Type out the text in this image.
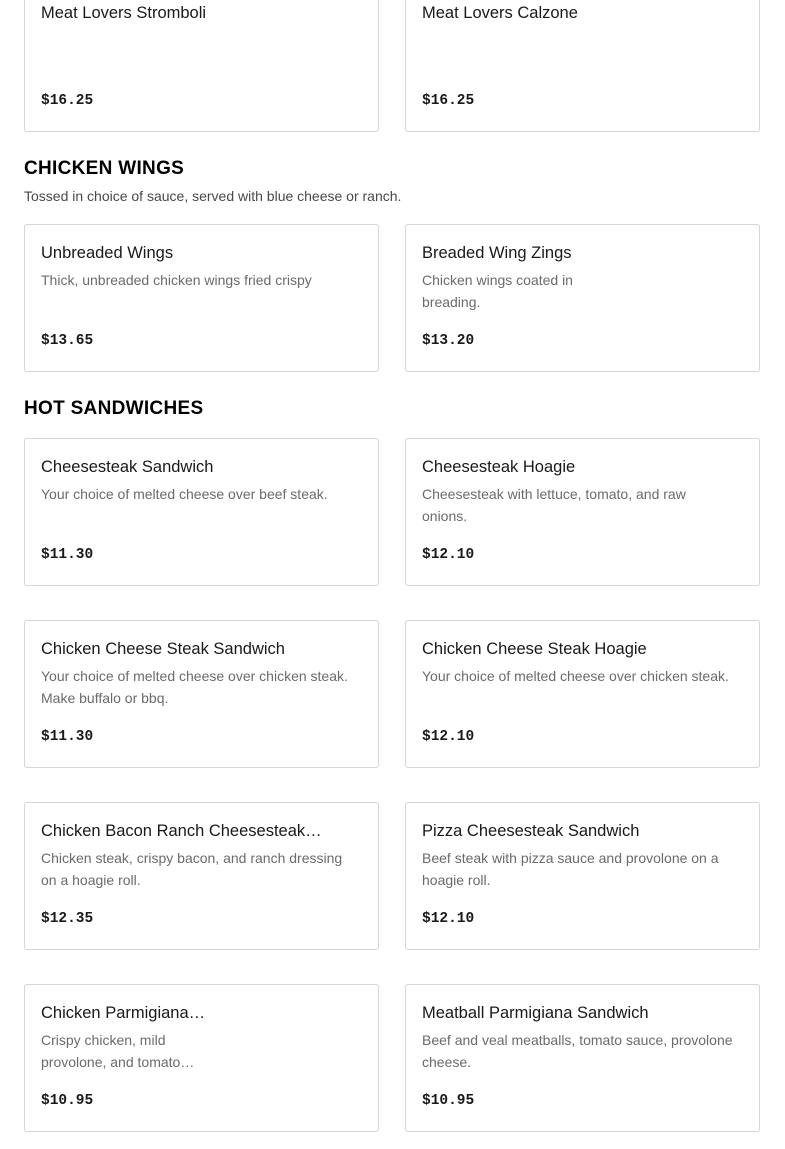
Meat Lovers Stromboli
$16.25
Meat Lovers Calzone
$16.25
CHICKEN WINGS
Tossed in choice of sauce, served with blue cheese or ranch.
Unbreaded Wings
Thick, unbreaded chicken wings fried crispy
$13.65
Breaded Wing Zings
Chicken wings coated in
breading.
$13.20
HOT SANDWICHES
Cheesesteak Sandwich
Your choice of melted cheese over beef steak.
$11.30
Cheesesteak Hoagie
Cheesesteak with lettuce, tomato, and raw
onions.
$12.10
Chicken Cheese Steak Sandwich
Your choice of melted cheese over chicken steak.
Make buffalo or bbq.
$11.30
Chicken Cheese Steak Hoagie
Your choice of melted cheese over chicken steak.
$12.10
Chicken Bacon Ranch Cheesesteak…
Chicken steak, crispy bacon, and ranch dressing
on a hoagie roll.
$12.35
Pizza Cheesesteak Sandwich
Beef steak with pizza sauce and provolone on a
hoagie roll.
$12.10
Chicken Parmigiana…
Crispy chicken, mild
provolone, and tomato…
$10.95
Meatball Parmigiana Sandwich
Beef and veal meatballs, tomato sauce, provolone
cheese.
$10.95
